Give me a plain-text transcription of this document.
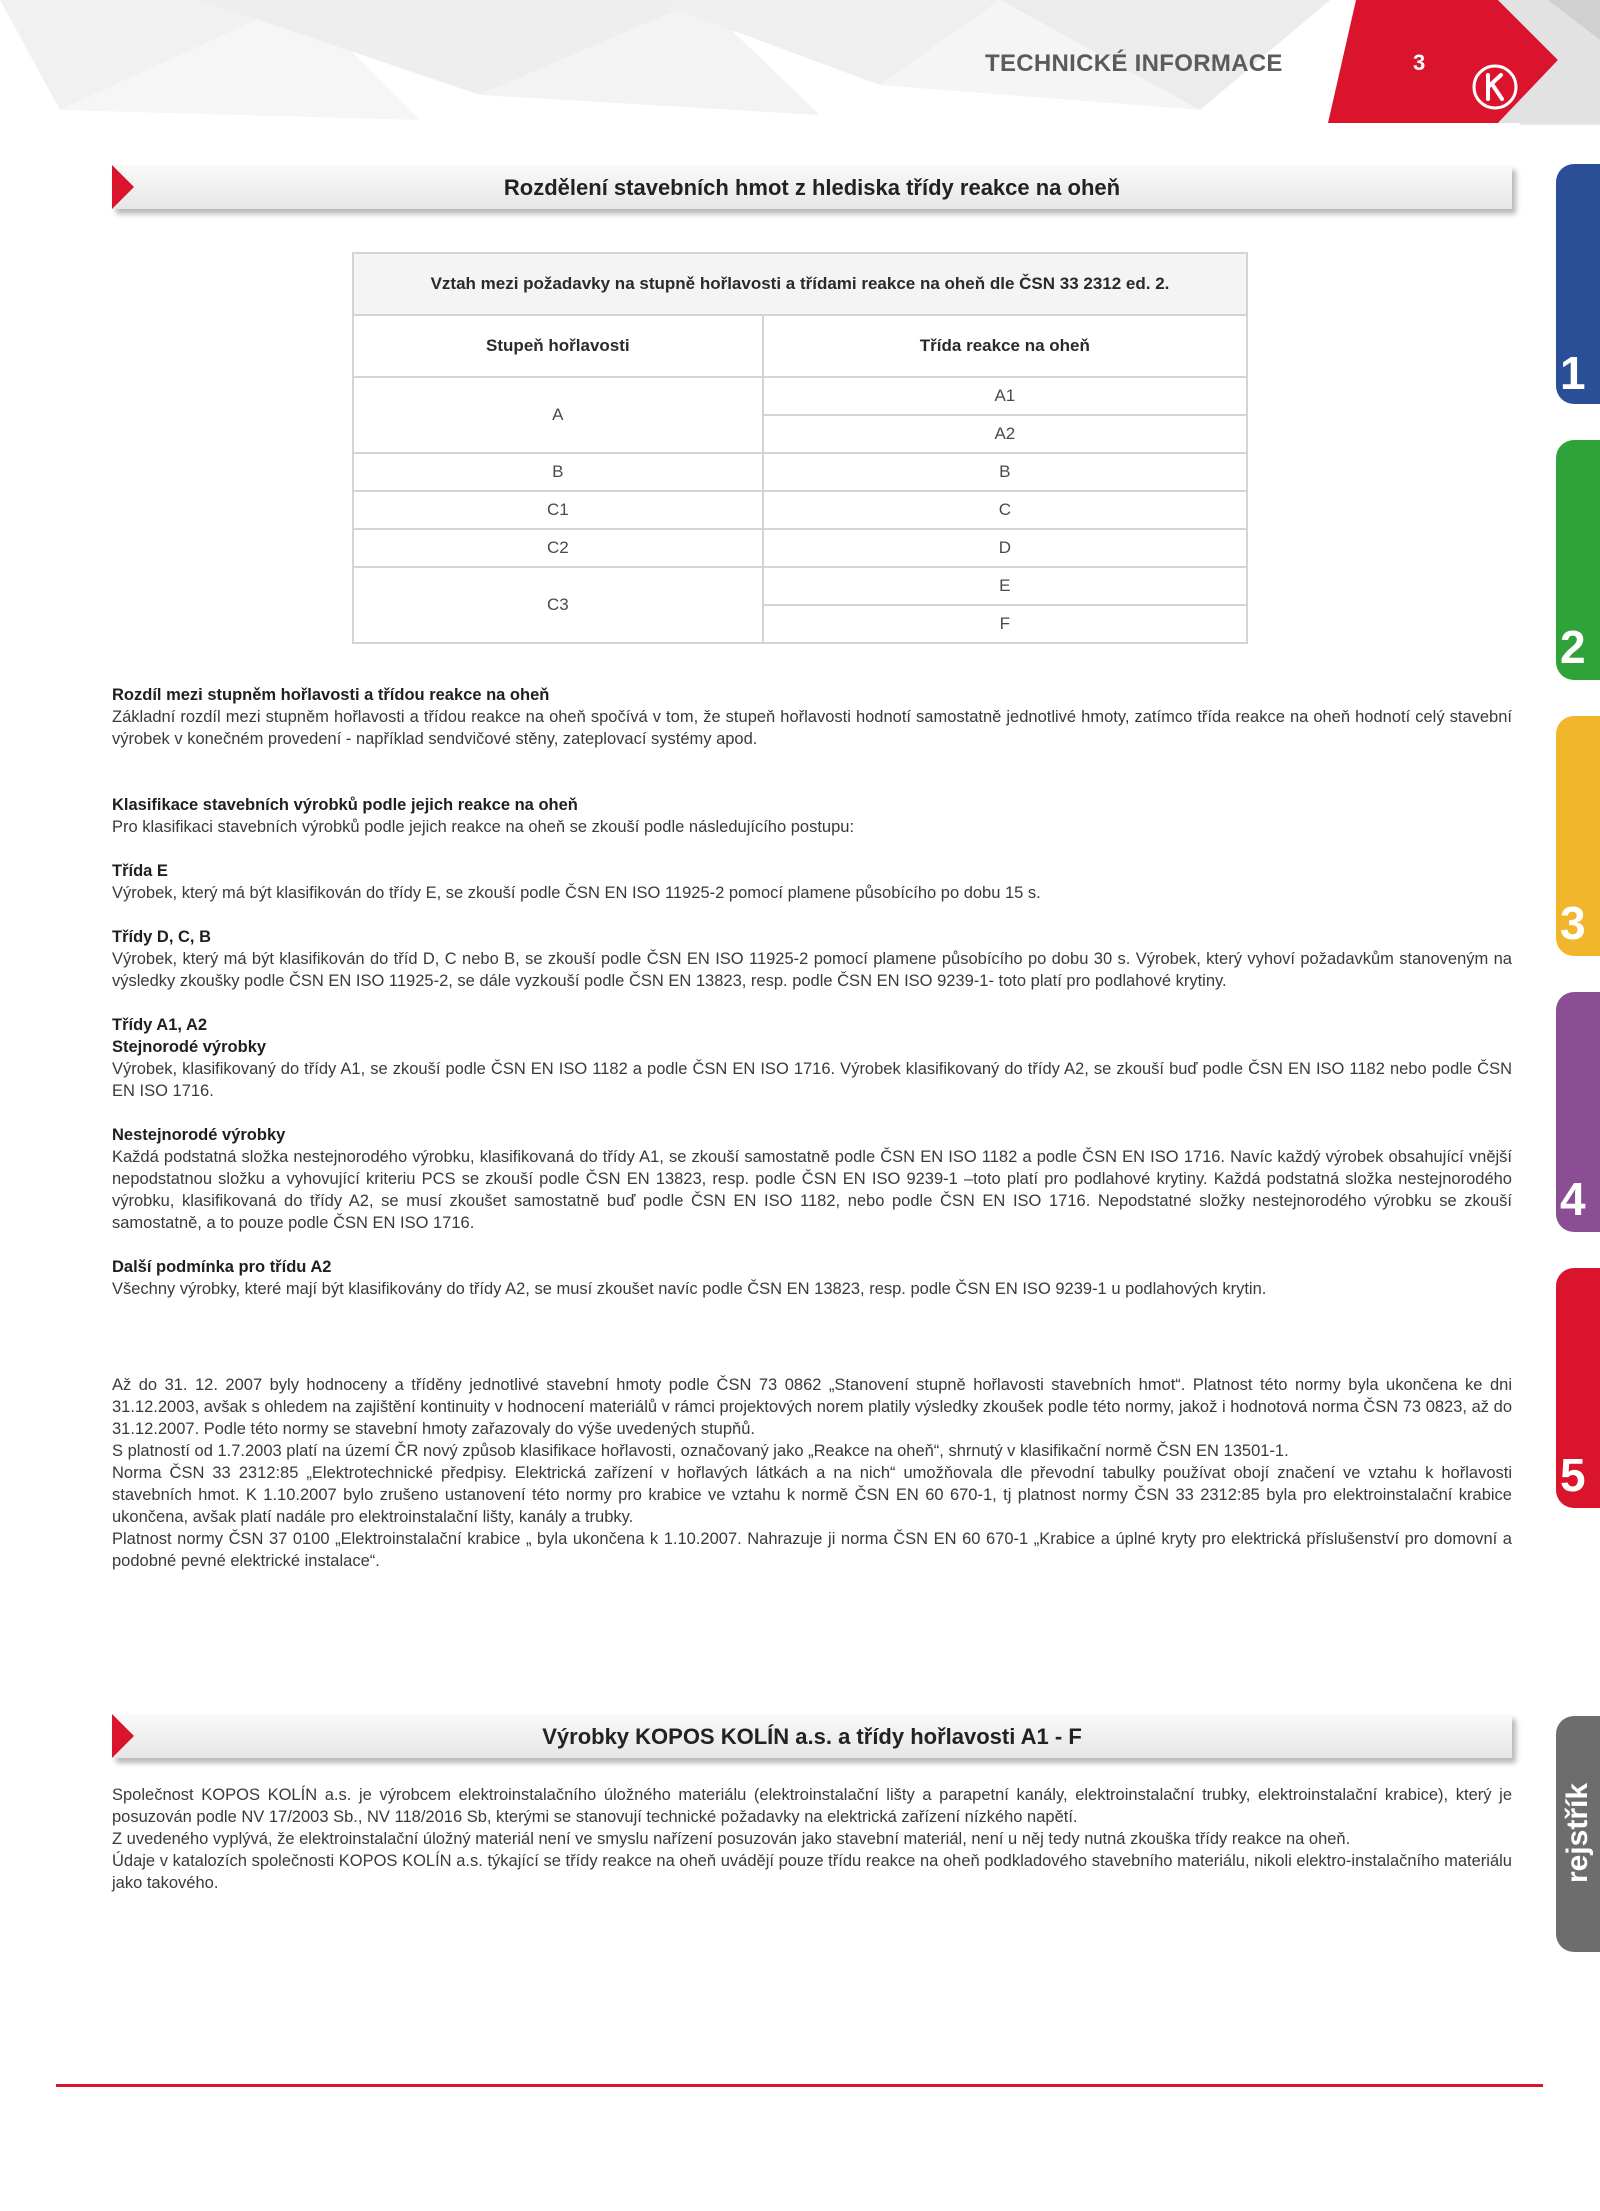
TECHNICKÉ INFORMACE	3
Rozdělení stavebních hmot z hlediska třídy reakce na oheň
Vztah mezi požadavky na stupně hořlavosti a třídami reakce na oheň dle ČSN 33 2312 ed. 2.	
Stupeň hořlavosti	Třída reakce na oheň
A	A1
	A2
B	B
C1	C
C2	D
C3	E
	F

Rozdíl mezi stupněm hořlavosti a třídou reakce na oheň

Základní rozdíl mezi stupněm hořlavosti a třídou reakce na oheň spočívá v tom, že stupeň hořlavosti hodnotí samostatně jednotlivé hmoty, zatímco třída reakce na oheň hodnotí celý stavební výrobek v konečném provedení - například sendvičové stěny, zateplovací systémy apod.

Klasifikace stavebních výrobků podle jejich reakce na oheň

Pro klasifikaci stavebních výrobků podle jejich reakce na oheň se zkouší podle následujícího postupu:

Třída E

Výrobek, který má být klasifikován do třídy E, se zkouší podle ČSN EN ISO 11925-2 pomocí plamene působícího po dobu 15 s.

Třídy D, C, B

Výrobek, který má být klasifikován do tříd D, C nebo B, se zkouší podle ČSN EN ISO 11925-2 pomocí plamene působícího po dobu 30 s. Výrobek, který vyhoví požadavkům stanoveným na výsledky zkoušky podle ČSN EN ISO 11925-2, se dále vyzkouší podle ČSN EN 13823, resp. podle ČSN EN ISO 9239-1- toto platí pro podlahové krytiny.

Třídy A1, A2

Stejnorodé výrobky

Výrobek, klasifikovaný do třídy A1, se zkouší podle ČSN EN ISO 1182 a podle ČSN EN ISO 1716. Výrobek klasifikovaný do třídy A2, se zkouší buď podle ČSN EN ISO 1182 nebo podle ČSN EN ISO 1716.

Nestejnorodé výrobky

Každá podstatná složka nestejnorodého výrobku, klasifikovaná do třídy A1, se zkouší samostatně podle ČSN EN ISO 1182 a podle ČSN EN ISO 1716. Navíc každý výrobek obsahující vnější nepodstatnou složku a vyhovující kriteriu PCS se zkouší podle ČSN EN 13823, resp. podle ČSN EN ISO 9239-1 –toto platí pro podlahové krytiny. Každá podstatná složka nestejnorodého výrobku, klasifikovaná do třídy A2, se musí zkoušet samostatně buď podle ČSN EN ISO 1182, nebo podle ČSN EN ISO 1716. Nepodstatné složky nestejnorodého výrobku se zkouší samostatně, a to pouze podle ČSN EN ISO 1716.

Další podmínka pro třídu A2

Všechny výrobky, které mají být klasifikovány do třídy A2, se musí zkoušet navíc podle ČSN EN 13823, resp. podle ČSN EN ISO 9239-1 u podlahových krytin.

Až do 31. 12. 2007 byly hodnoceny a tříděny jednotlivé stavební hmoty podle ČSN 73 0862 „Stanovení stupně hořlavosti stavebních hmot“. Platnost této normy byla ukončena ke dni 31.12.2003, avšak s ohledem na zajištění kontinuity v hodnocení materiálů v rámci projektových norem platily výsledky zkoušek podle této normy, jakož i hodnotová norma ČSN 73 0823, až do 31.12.2007. Podle této normy se stavební hmoty zařazovaly do výše uvedených stupňů.

S platností od 1.7.2003 platí na území ČR nový způsob klasifikace hořlavosti, označovaný jako „Reakce na oheň“, shrnutý v klasifikační normě ČSN EN 13501-1.

Norma ČSN 33 2312:85 „Elektrotechnické předpisy. Elektrická zařízení v hořlavých látkách a na nich“ umožňovala dle převodní tabulky používat obojí značení ve vztahu k hořlavosti stavebních hmot. K 1.10.2007 bylo zrušeno ustanovení této normy pro krabice ve vztahu k normě ČSN EN 60 670-1, tj platnost normy ČSN 33 2312:85 byla pro elektroinstalační krabice ukončena, avšak platí nadále pro elektroinstalační lišty, kanály a trubky.

Platnost normy ČSN 37 0100 „Elektroinstalační krabice „ byla ukončena k 1.10.2007. Nahrazuje ji norma ČSN EN 60 670-1 „Krabice a úplné kryty pro elektrická příslušenství pro domovní a podobné pevné elektrické instalace“.

Výrobky KOPOS KOLÍN a.s. a třídy hořlavosti A1 - F

Společnost KOPOS KOLÍN a.s. je výrobcem elektroinstalačního úložného materiálu (elektroinstalační lišty a parapetní kanály, elektroinstalační trubky, elektroinstalační krabice), který je posuzován podle NV 17/2003 Sb., NV 118/2016 Sb, kterými se stanovují technické požadavky na elektrická zařízení nízkého napětí.

Z uvedeného vyplývá, že elektroinstalační úložný materiál není ve smyslu nařízení posuzován jako stavební materiál, není u něj tedy nutná zkouška třídy reakce na oheň.

Údaje v katalozích společnosti KOPOS KOLÍN a.s. týkající se třídy reakce na oheň uvádějí pouze třídu reakce na oheň podkladového stavebního materiálu, nikoli elektro-instalačního materiálu jako takového.

1
2
3
4
5
rejstřík
